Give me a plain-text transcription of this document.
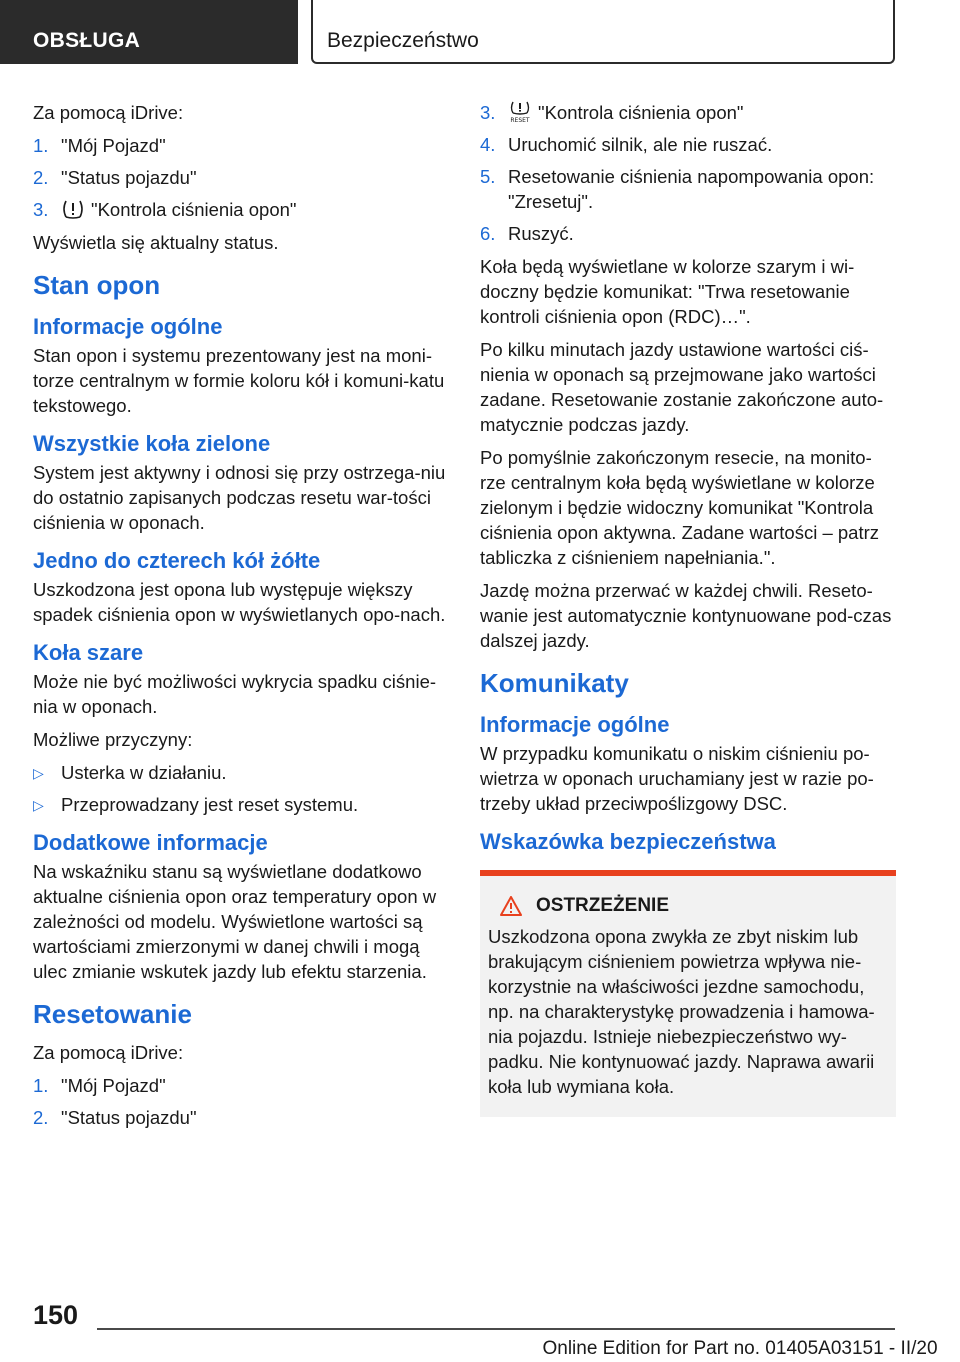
OBSŁUGA	Bezpieczeństwo

Za pomocą iDrive:

1. "Mój Pojazd"
2. "Status pojazdu"
3. "Kontrola ciśnienia opon"

Wyświetla się aktualny status.

Stan opon
Informacje ogólne

Stan opon i systemu prezentowany jest na moni-torze centralnym w formie koloru kół i komuni-katu tekstowego.

Wszystkie koła zielone

System jest aktywny i odnosi się przy ostrzega-niu do ostatnio zapisanych podczas resetu war-tości ciśnienia w oponach.

Jedno do czterech kół żółte

Uszkodzona jest opona lub występuje większy spadek ciśnienia opon w wyświetlanych opo-nach.

Koła szare

Może nie być możliwości wykrycia spadku ciśnie-nia w oponach.

Możliwe przyczyny:

▷ Usterka w działaniu.
▷ Przeprowadzany jest reset systemu.
Dodatkowe informacje

Na wskaźniku stanu są wyświetlane dodatkowo aktualne ciśnienia opon oraz temperatury opon w zależności od modelu. Wyświetlone wartości są wartościami zmierzonymi w danej chwili i mogą ulec zmianie wskutek jazdy lub efektu starzenia.

Resetowanie

Za pomocą iDrive:

1. "Mój Pojazd"
2. "Status pojazdu"
3. RESET "Kontrola ciśnienia opon"
4. Uruchomić silnik, ale nie ruszać.
5. Resetowanie ciśnienia napompowania opon: "Zresetuj".
6. Ruszyć.

Koła będą wyświetlane w kolorze szarym i wi-doczny będzie komunikat: "Trwa resetowanie kontroli ciśnienia opon (RDC)…".

Po kilku minutach jazdy ustawione wartości ciś-nienia w oponach są przejmowane jako wartości zadane. Resetowanie zostanie zakończone auto-matycznie podczas jazdy.

Po pomyślnie zakończonym resecie, na monito-rze centralnym koła będą wyświetlane w kolorze zielonym i będzie widoczny komunikat "Kontrola ciśnienia opon aktywna. Zadane wartości – patrz tabliczka z ciśnieniem napełniania.".

Jazdę można przerwać w każdej chwili. Reseto-wanie jest automatycznie kontynuowane pod-czas dalszej jazdy.

Komunikaty
Informacje ogólne

W przypadku komunikatu o niskim ciśnieniu po-wietrza w oponach uruchamiany jest w razie po-trzeby układ przeciwpoślizgowy DSC.

Wskazówka bezpieczeństwa
OSTRZEŻENIE

Uszkodzona opona zwykła ze zbyt niskim lub brakującym ciśnieniem powietrza wpływa nie-korzystnie na właściwości jezdne samochodu, np. na charakterystykę prowadzenia i hamowa-nia pojazdu. Istnieje niebezpieczeństwo wy-padku. Nie kontynuować jazdy. Naprawa awarii koła lub wymiana koła.

150
Online Edition for Part no. 01405A03151 - II/20
